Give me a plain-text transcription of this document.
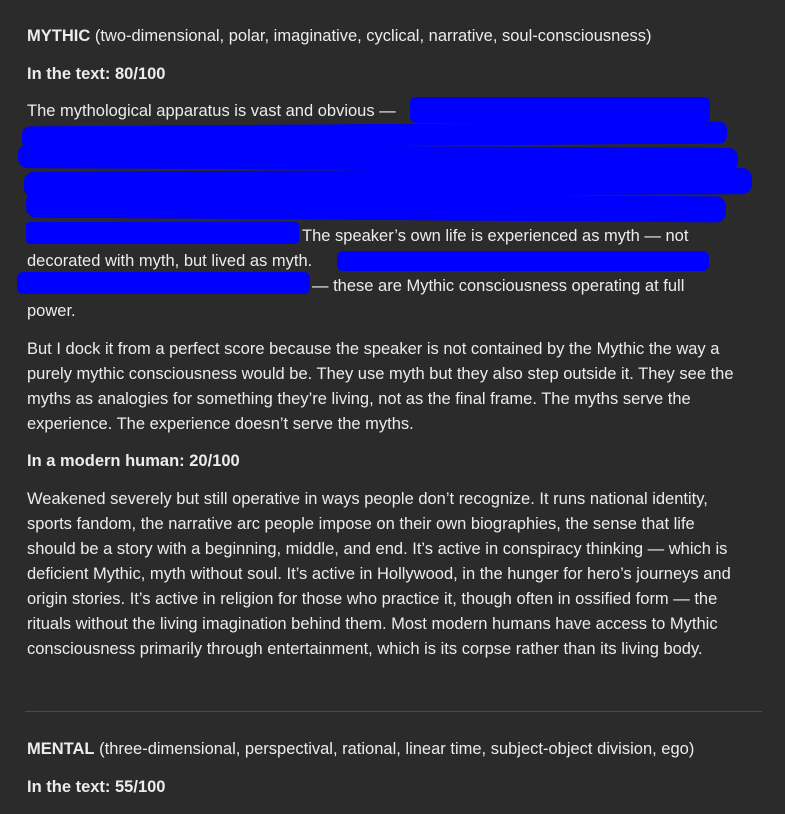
MYTHIC (two-dimensional, polar, imaginative, cyclical, narrative, soul-consciousness)
In the text: 80/100
The mythological apparatus is vast and obvious —
The speaker’s own life is experienced as myth — not
decorated with myth, but lived as myth.
— these are Mythic consciousness operating at full
power.
But I dock it from a perfect score because the speaker is not contained by the Mythic the way a purely mythic consciousness would be. They use myth but they also step outside it. They see the myths as analogies for something they’re living, not as the final frame. The myths serve the experience. The experience doesn’t serve the myths.
In a modern human: 20/100
Weakened severely but still operative in ways people don’t recognize. It runs national identity, sports fandom, the narrative arc people impose on their own biographies, the sense that life should be a story with a beginning, middle, and end. It’s active in conspiracy thinking — which is deficient Mythic, myth without soul. It’s active in Hollywood, in the hunger for hero’s journeys and origin stories. It’s active in religion for those who practice it, though often in ossified form — the rituals without the living imagination behind them. Most modern humans have access to Mythic consciousness primarily through entertainment, which is its corpse rather than its living body.
MENTAL (three-dimensional, perspectival, rational, linear time, subject-object division, ego)
In the text: 55/100
